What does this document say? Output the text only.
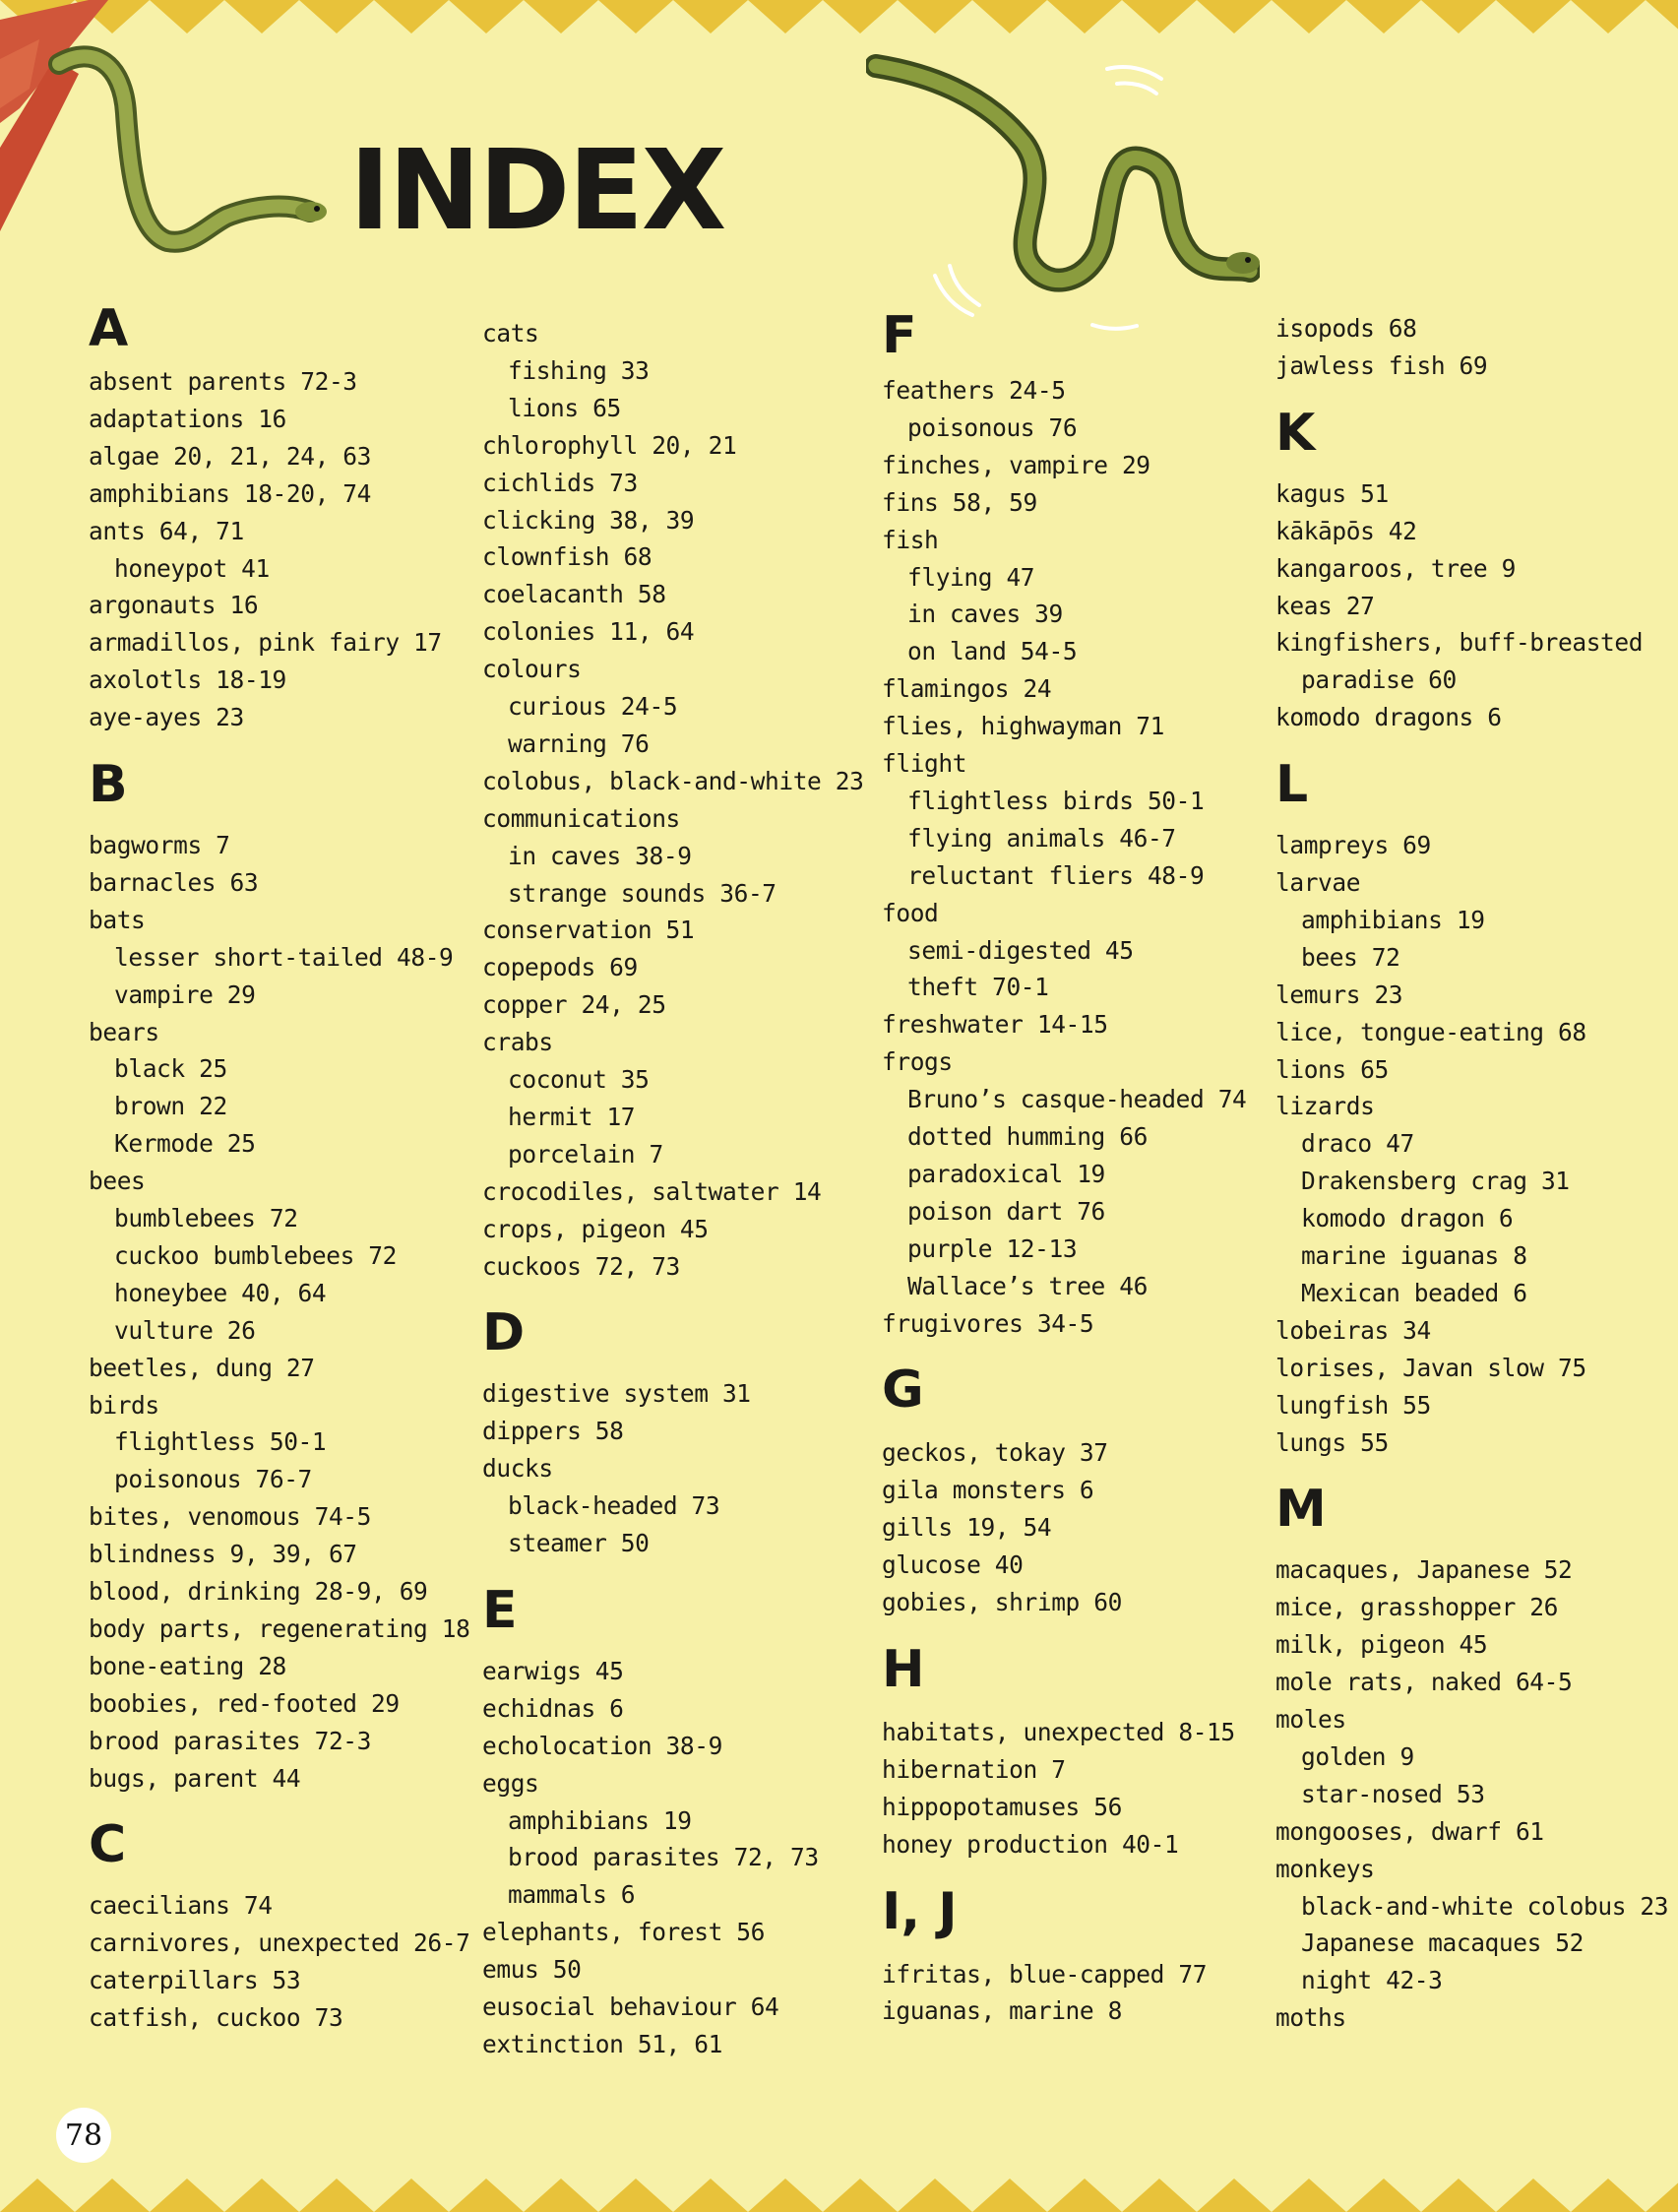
INDEX
A
absent parents 72-3
adaptations 16
algae 20, 21, 24, 63
amphibians 18-20, 74
ants 64, 71
honeypot 41
argonauts 16
armadillos, pink fairy 17
axolotls 18-19
aye-ayes 23
B
bagworms 7
barnacles 63
bats
lesser short-tailed 48-9
vampire 29
bears
black 25
brown 22
Kermode 25
bees
bumblebees 72
cuckoo bumblebees 72
honeybee 40, 64
vulture 26
beetles, dung 27
birds
flightless 50-1
poisonous 76-7
bites, venomous 74-5
blindness 9, 39, 67
blood, drinking 28-9, 69
body parts, regenerating 18
bone-eating 28
boobies, red-footed 29
brood parasites 72-3
bugs, parent 44
C
caecilians 74
carnivores, unexpected 26-7
caterpillars 53
catfish, cuckoo 73
cats
fishing 33
lions 65
chlorophyll 20, 21
cichlids 73
clicking 38, 39
clownfish 68
coelacanth 58
colonies 11, 64
colours
curious 24-5
warning 76
colobus, black-and-white 23
communications
in caves 38-9
strange sounds 36-7
conservation 51
copepods 69
copper 24, 25
crabs
coconut 35
hermit 17
porcelain 7
crocodiles, saltwater 14
crops, pigeon 45
cuckoos 72, 73
D
digestive system 31
dippers 58
ducks
black-headed 73
steamer 50
E
earwigs 45
echidnas 6
echolocation 38-9
eggs
amphibians 19
brood parasites 72, 73
mammals 6
elephants, forest 56
emus 50
eusocial behaviour 64
extinction 51, 61
F
feathers 24-5
poisonous 76
finches, vampire 29
fins 58, 59
fish
flying 47
in caves 39
on land 54-5
flamingos 24
flies, highwayman 71
flight
flightless birds 50-1
flying animals 46-7
reluctant fliers 48-9
food
semi-digested 45
theft 70-1
freshwater 14-15
frogs
Bruno’s casque-headed 74
dotted humming 66
paradoxical 19
poison dart 76
purple 12-13
Wallace’s tree 46
frugivores 34-5
G
geckos, tokay 37
gila monsters 6
gills 19, 54
glucose 40
gobies, shrimp 60
H
habitats, unexpected 8-15
hibernation 7
hippopotamuses 56
honey production 40-1
I, J
ifritas, blue-capped 77
iguanas, marine 8
isopods 68
jawless fish 69
K
kagus 51
kākāpōs 42
kangaroos, tree 9
keas 27
kingfishers, buff-breasted
paradise 60
komodo dragons 6
L
lampreys 69
larvae
amphibians 19
bees 72
lemurs 23
lice, tongue-eating 68
lions 65
lizards
draco 47
Drakensberg crag 31
komodo dragon 6
marine iguanas 8
Mexican beaded 6
lobeiras 34
lorises, Javan slow 75
lungfish 55
lungs 55
M
macaques, Japanese 52
mice, grasshopper 26
milk, pigeon 45
mole rats, naked 64-5
moles
golden 9
star-nosed 53
mongooses, dwarf 61
monkeys
black-and-white colobus 23
Japanese macaques 52
night 42-3
moths
78
